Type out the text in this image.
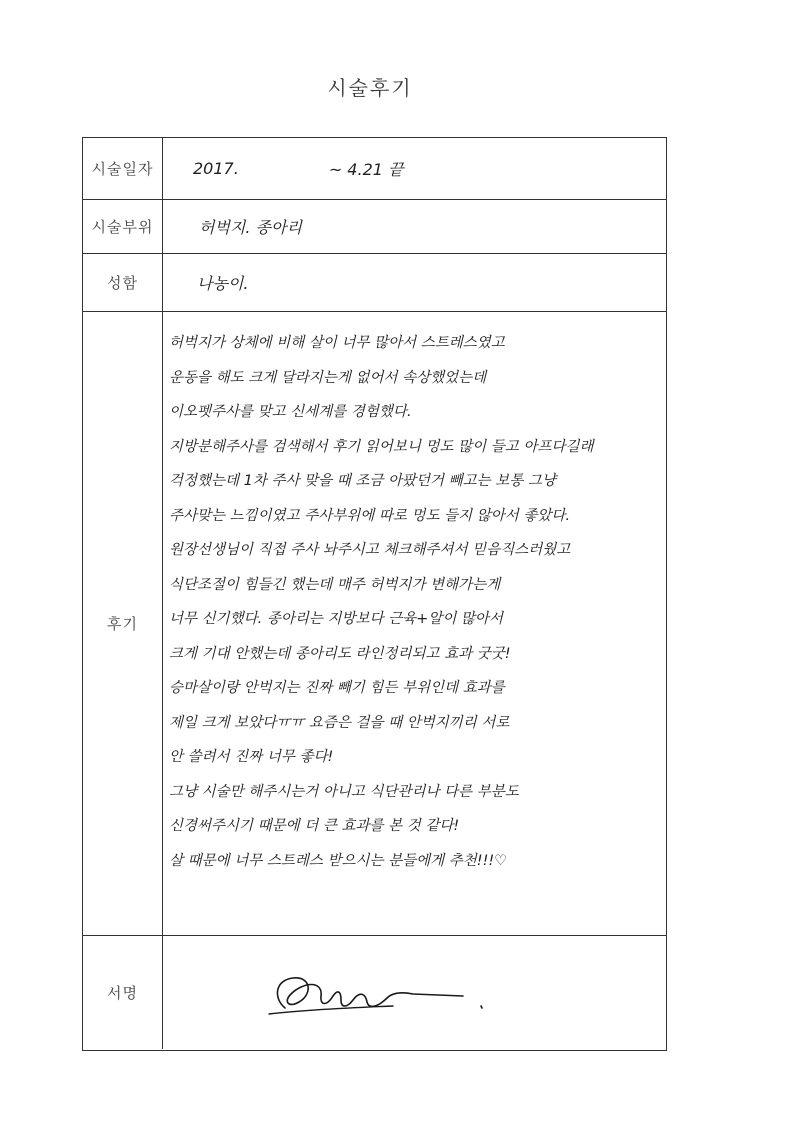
시술후기
시술일자	2017.	~ 4.21 끝
시술부위	허벅지. 종아리
성함	나농이.
후기
허벅지가 상체에 비해 살이 너무 많아서 스트레스였고
운동을 해도 크게 달라지는게 없어서 속상했었는데
이오펫주사를 맞고 신세계를 경험했다.
지방분해주사를 검색해서 후기 읽어보니 멍도 많이 들고 아프다길래
걱정했는데 1차 주사 맞을 때 조금 아팠던거 빼고는 보통 그냥
주사맞는 느낌이였고 주사부위에 따로 멍도 들지 않아서 좋았다.
원장선생님이 직접 주사 놔주시고 체크해주셔서 믿음직스러웠고
식단조절이 힘들긴 했는데 매주 허벅지가 변해가는게
너무 신기했다. 종아리는 지방보다 근육+알이 많아서
크게 기대 안했는데 종아리도 라인정리되고 효과 굿굿!
승마살이랑 안벅지는 진짜 빼기 힘든 부위인데 효과를
제일 크게 보았다ㅠㅠ 요즘은 걸을 때 안벅지끼리 서로
안 쓸려서 진짜 너무 좋다!
그냥 시술만 해주시는거 아니고 식단관리나 다른 부분도
신경써주시기 때문에 더 큰 효과를 본 것 같다!
살 때문에 너무 스트레스 받으시는 분들에게 추천!!!♡
서명
